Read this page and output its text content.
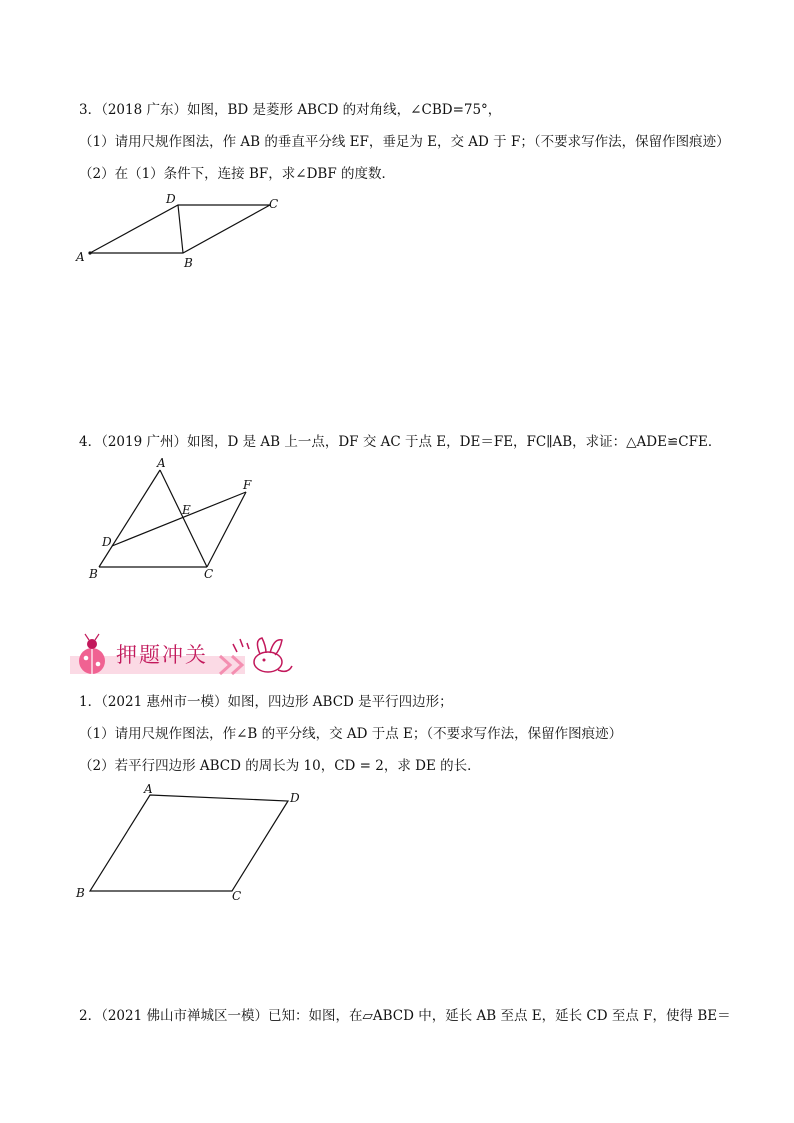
3．（2018 广东）如图，BD 是菱形 ABCD 的对角线，∠CBD=75°，
（1）请用尺规作图法，作 AB 的垂直平分线 EF，垂足为 E，交 AD 于 F；（不要求写作法，保留作图痕迹）
（2）在（1）条件下，连接 BF，求∠DBF 的度数．
A	B
C
D
4．（2019 广州）如图，D 是 AB 上一点，DF 交 AC 于点 E，DE＝FE，FC∥AB，求证：△ADE≌CFE．
A
B	C
D
E
F
押题冲关
1．（2021 惠州市一模）如图，四边形 ABCD 是平行四边形；
（1）请用尺规作图法，作∠B 的平分线，交 AD 于点 E；（不要求写作法，保留作图痕迹）
（2）若平行四边形 ABCD 的周长为 10，CD = 2，求 DE 的长．
A
B	C
D
2．（2021 佛山市禅城区一模）已知：如图，在▱ABCD 中，延长 AB 至点 E，延长 CD 至点 F，使得 BE＝
